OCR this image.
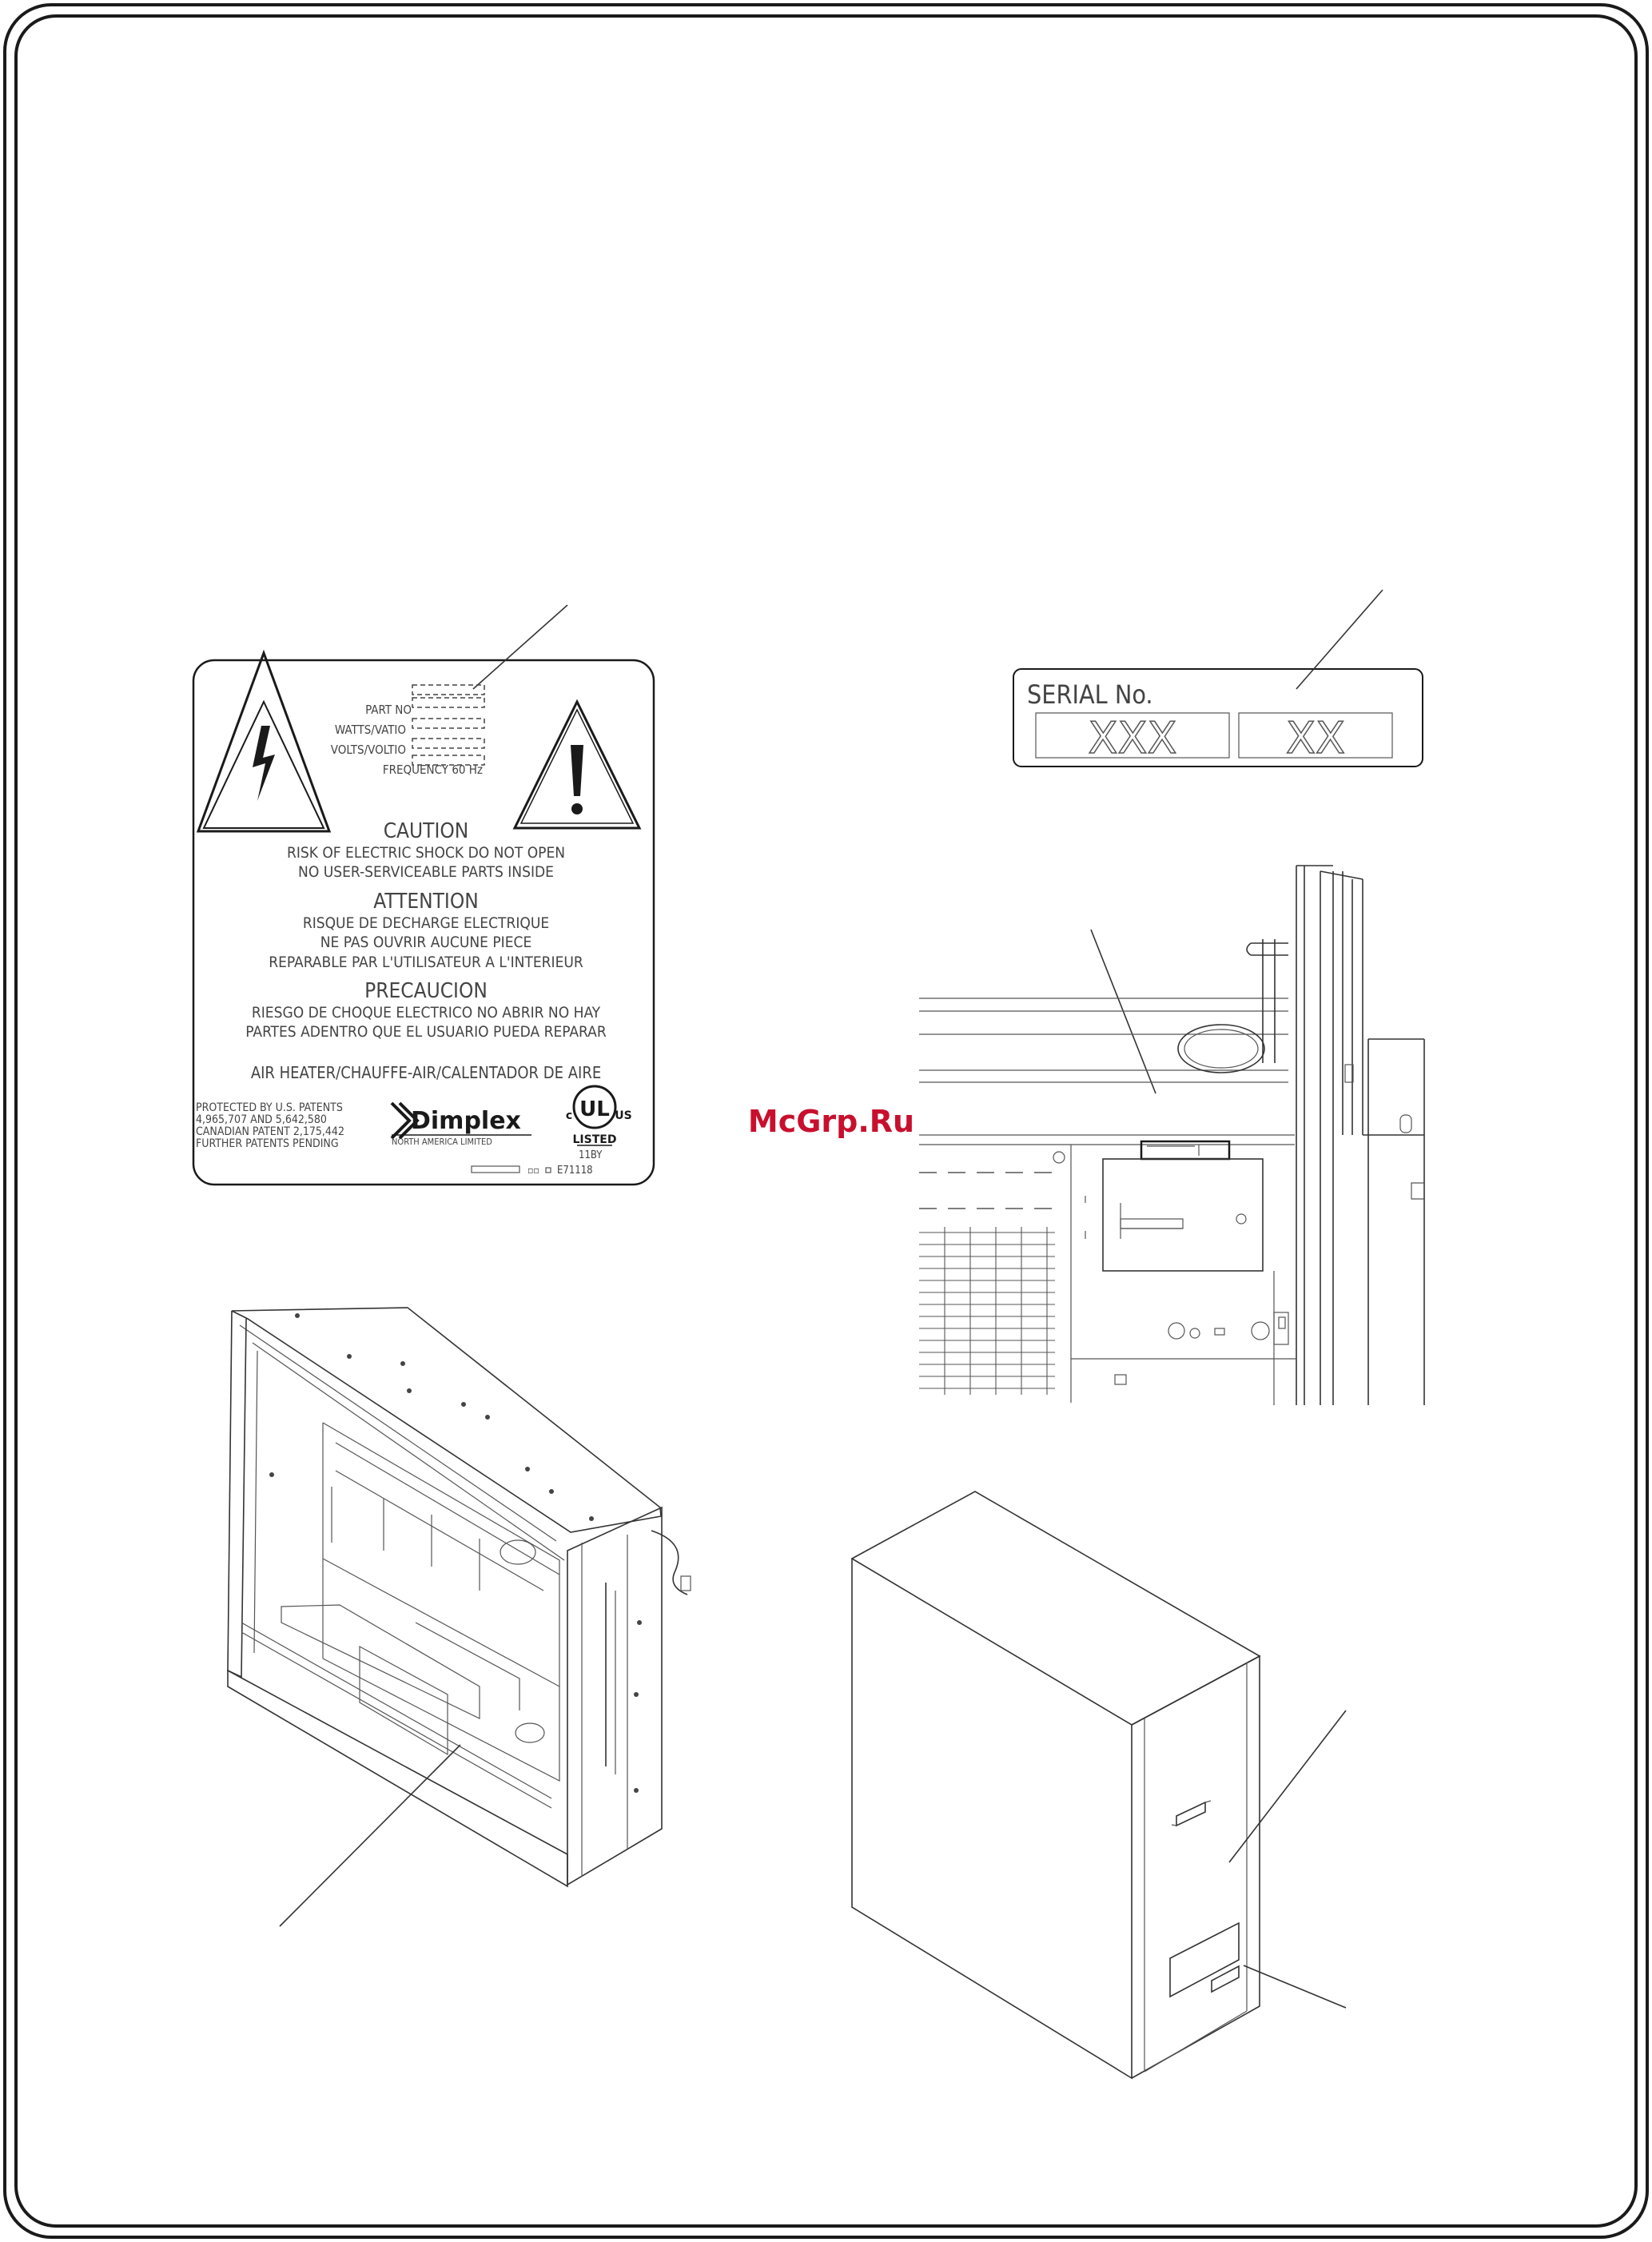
PART NO
WATTS/VATIO
VOLTS/VOLTIO
FREQUENCY 60 Hz
CAUTION
RISK OF ELECTRIC SHOCK DO NOT OPEN
NO USER-SERVICEABLE PARTS INSIDE
ATTENTION
RISQUE DE DECHARGE ELECTRIQUE
NE PAS OUVRIR AUCUNE PIECE
REPARABLE PAR L'UTILISATEUR A L'INTERIEUR
PRECAUCION
RIESGO DE CHOQUE ELECTRICO NO ABRIR NO HAY
PARTES ADENTRO QUE EL USUARIO PUEDA REPARAR
AIR HEATER/CHAUFFE-AIR/CALENTADOR DE AIRE
PROTECTED BY U.S. PATENTS
4,965,707 AND 5,642,580
CANADIAN PATENT 2,175,442
FURTHER PATENTS PENDING
Dimplex
NORTH AMERICA LIMITED
UL
c	US
LISTED
11BY
▫▫ E71118
SERIAL No.
XXX	XX
McGrp.Ru
